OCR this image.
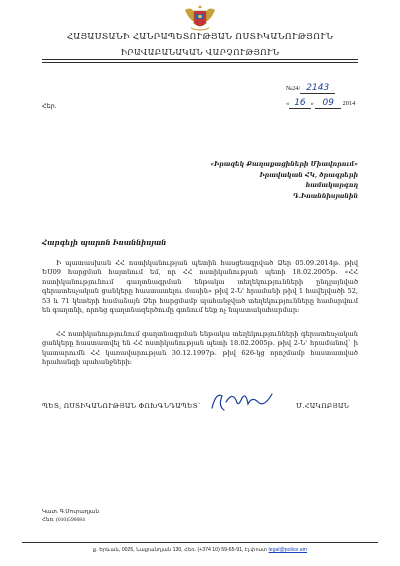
ՀԱՅԱՍՏԱՆԻ ՀԱՆՐԱՊԵՏՈՒԹՅԱՆ ՈՍՏԻԿԱՆՈՒԹՅՈՒՆ
ԻՐԱՎԱԲԱՆԱԿԱՆ ՎԱՐՉՈՒԹՅՈՒՆ
№24/ 2143
Հեր.	« 16 » 09 2014
«Իրազեկ Քաղաքացիների Միավորում»
Իրավական ՀԿ, ծրագրերի
համակարգող
Դ.Իոաննիսյանին
Հարգելի պարոն Իոաննիսյան
Ի պատասխան ՀՀ ոստիկանության պետին հասցեագրված Ձեր 05.09.2014թ. թիվ ԵՍ09 հարցման հայտնում եմ, որ ՀՀ ոստիկանության պետի 18.02.2005թ. «ՀՀ ոստիկանությունում գաղտնագրման ենթակա տեղեկությունների ընդլայնված գերատեսչական ցանկերը հաստատելու մասին» թիվ 2-Նՙ հրամանի թիվ 1 հավելվածի 52, 53 և 71 կետերի համաձայն Ձեր հարցմամբ պահանջված տեղեկությունները համարվում են գաղտնի, որոնց գաղտնազերծումը գտնում ենք ոչ նպատակահարմար:
ՀՀ ոստիկանությունում գաղտնագրման ենթակա տեղեկությունների գերատեսչական ցանկերը հաստատվել են ՀՀ ոստիկանության պետի 18.02.2005թ. թիվ 2-Նՙ հրամանով` ի կատարումն ՀՀ կառավարության 30.12.1997թ. թիվ 626-կց որոշմամբ հաստատված հրահանգի պահանջների:
ՊԵՏ, ՈՍՏԻԿԱՆՈՒԹՅԱՆ ՓՈԽԳՆԴԱՊԵՏ`	Մ.ՀԱԿՈԲՅԱՆ
Կատ. Գ.Մուրադյան
Հեռ. (010)596684
ք. Երևան, 0025, Նալբանդյան 130, Հեռ. (+374 10) 59-65-91, էլ.փոստ legal@police.am
